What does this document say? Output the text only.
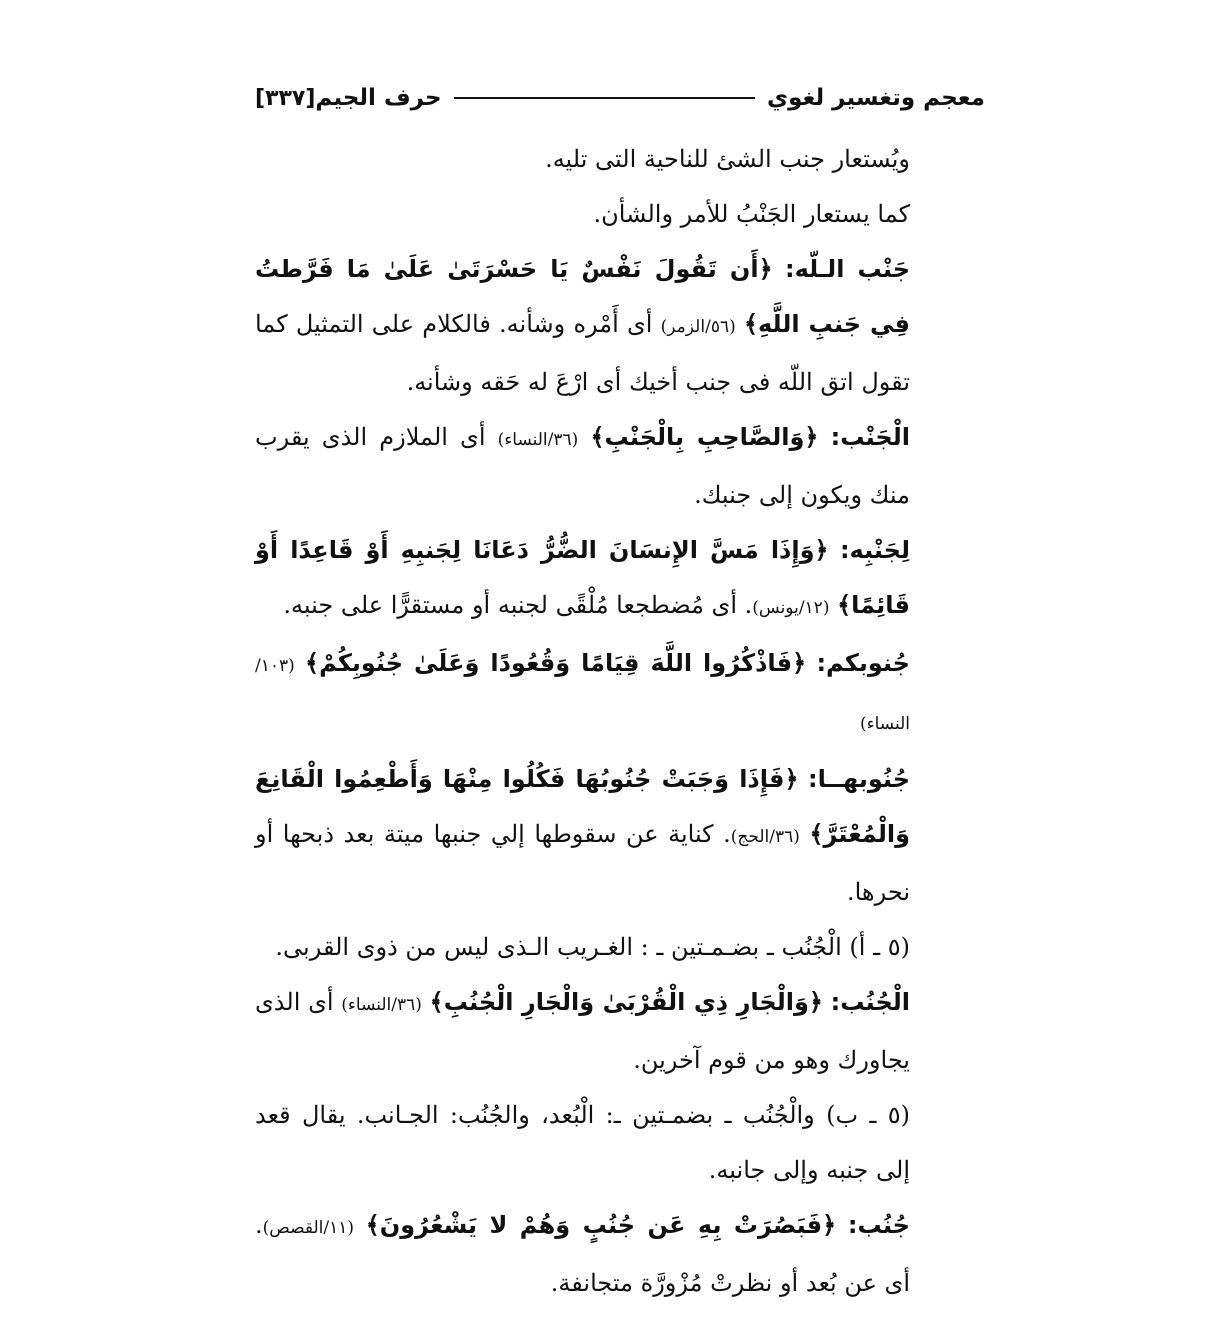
معجم وتغسير لغوي
حرف الجيم
[٣٣٧]

ويُستعار جنب الشئ للناحية التى تليه.

كما يستعار الجَنْبُ للأمر والشأن.

جَنْب الـلّه: ﴿أَن تَقُولَ نَفْسٌ يَا حَسْرَتَىٰ عَلَىٰ مَا فَرَّطتُ فِي جَنبِ اللَّهِ﴾ (٥٦/الزمر) أى أَمْره وشأنه. فالكلام على التمثيل كما تقول اتق اللّه فى جنب أخيك أى ارْعَ له حَقه وشأنه.

الْجَنْب: ﴿وَالصَّاحِبِ بِالْجَنْبِ﴾ (٣٦/النساء) أى الملازم الذى يقرب منك ويكون إلى جنبك.

لِجَنْبِه: ﴿وَإِذَا مَسَّ الإِنسَانَ الضُّرُّ دَعَانَا لِجَنبِهِ أَوْ قَاعِدًا أَوْ قَائِمًا﴾ (١٢/يونس). أى مُضطجعا مُلْقًى لجنبه أو مستقرًّا على جنبه.

جُنوبكم: ﴿فَاذْكُرُوا اللَّهَ قِيَامًا وَقُعُودًا وَعَلَىٰ جُنُوبِكُمْ﴾ (١٠٣/النساء)

جُنُوبهــا: ﴿فَإِذَا وَجَبَتْ جُنُوبُهَا فَكُلُوا مِنْهَا وَأَطْعِمُوا الْقَانِعَ وَالْمُعْتَرَّ﴾ (٣٦/الحج). كناية عن سقوطها إلي جنبها ميتة بعد ذبحها أو نحرها.

(٥ ـ أ) الْجُنُب ـ بضـمـتين ـ : الغـريب الـذى ليس من ذوى القربى.

الْجُنُب: ﴿وَالْجَارِ ذِي الْقُرْبَىٰ وَالْجَارِ الْجُنُبِ﴾ (٣٦/النساء) أى الذى يجاورك وهو من قوم آخرين.

(٥ ـ ب) والْجُنُب ـ بضمـتين ـ: الْبُعد، والجُنُب: الجـانب. يقال قعد إلى جنبه وإلى جانبه.

جُنُب: ﴿فَبَصُرَتْ بِهِ عَن جُنُبٍ وَهُمْ لا يَشْعُرُونَ﴾ (١١/القصص). أى عن بُعد أو نظرتْ مُزْورَّة متجانفة.
